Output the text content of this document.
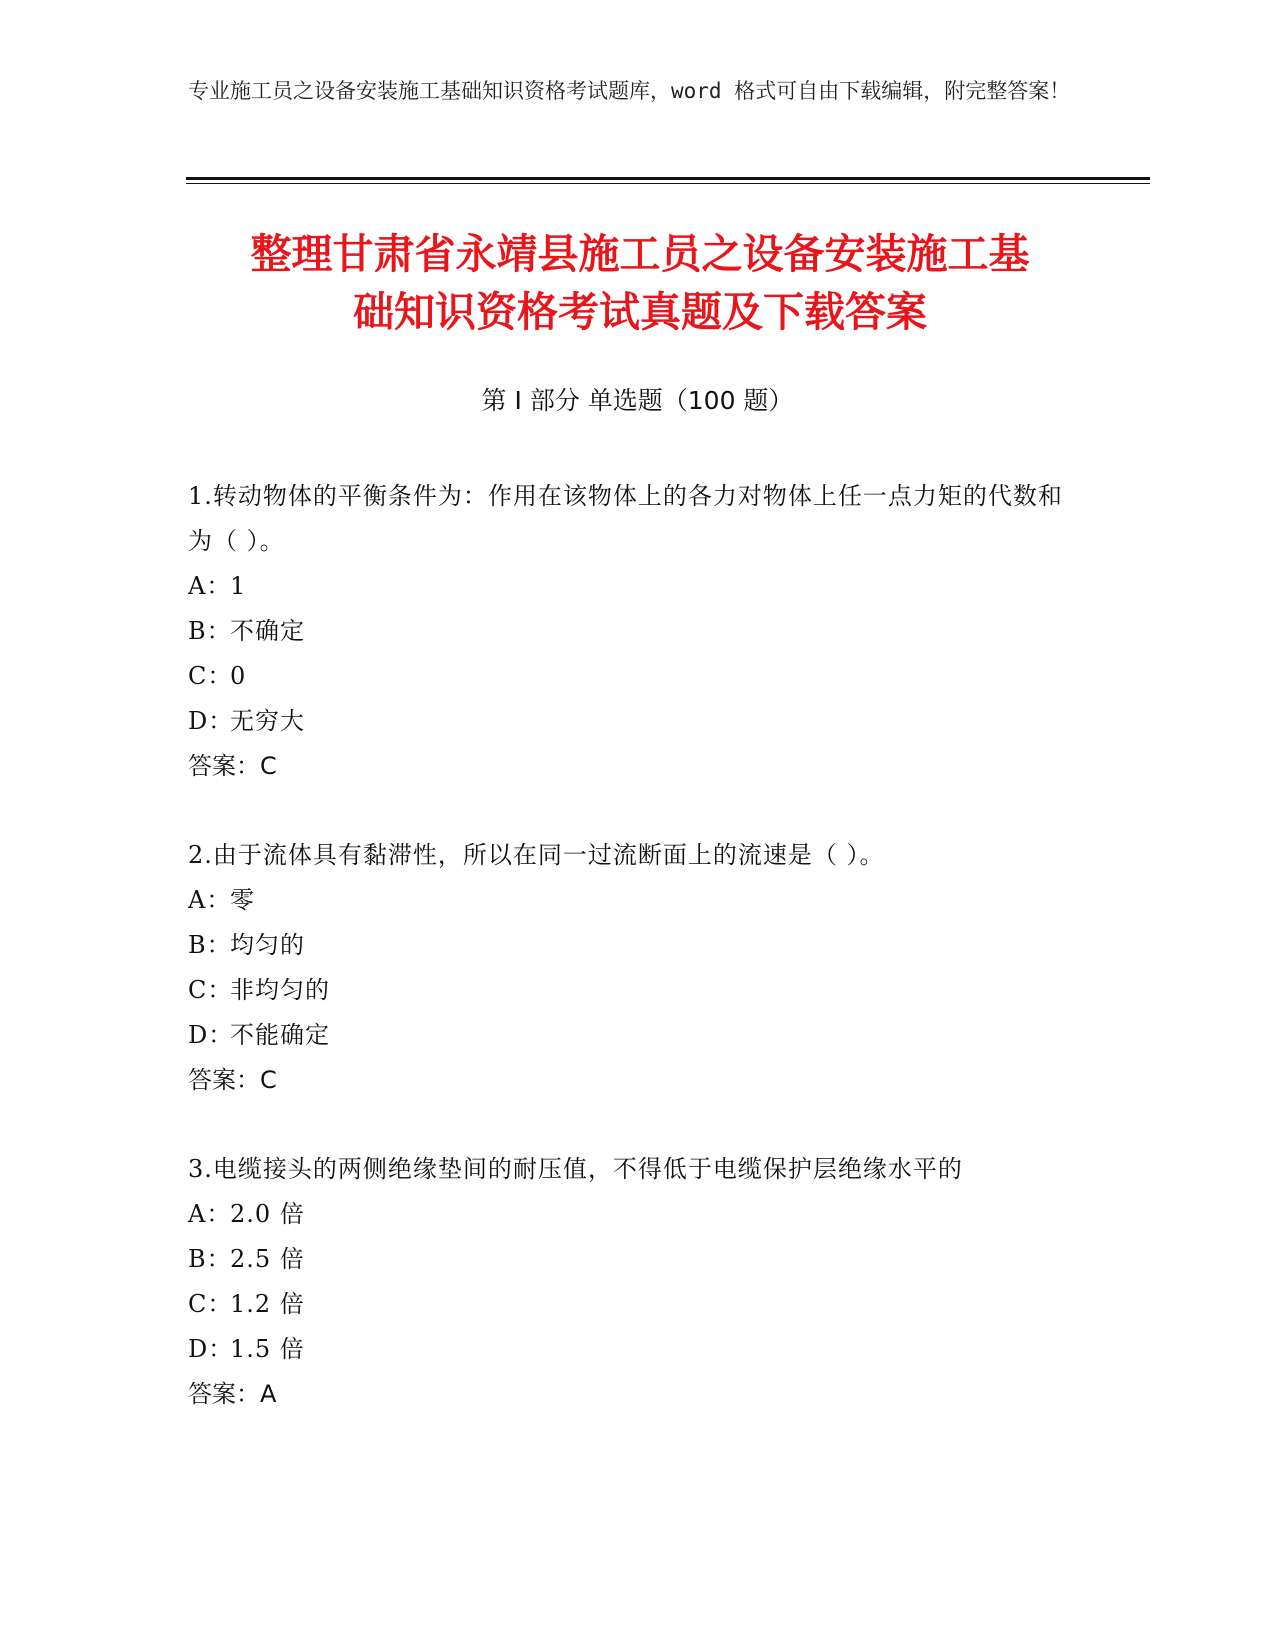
专业施工员之设备安装施工基础知识资格考试题库，word 格式可自由下载编辑，附完整答案！
整理甘肃省永靖县施工员之设备安装施工基
础知识资格考试真题及下载答案
第 I 部分 单选题（100 题）

1.转动物体的平衡条件为：作用在该物体上的各力对物体上任一点力矩的代数和为（ ）。

A：1

B：不确定

C：0

D：无穷大

答案：C

2.由于流体具有黏滞性，所以在同一过流断面上的流速是（ ）。

A：零

B：均匀的

C：非均匀的

D：不能确定

答案：C

3.电缆接头的两侧绝缘垫间的耐压值，不得低于电缆保护层绝缘水平的

A：2.0 倍

B：2.5 倍

C：1.2 倍

D：1.5 倍

答案：A
